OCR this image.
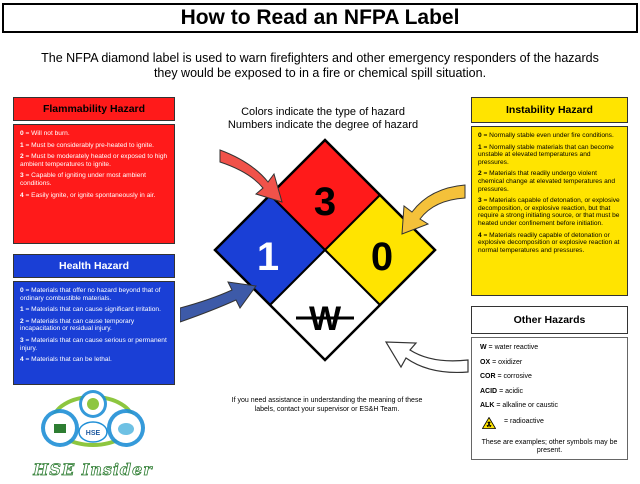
How to Read an NFPA Label
The NFPA diamond label is used to warn firefighters and other emergency responders of the hazards they would be exposed to in a fire or chemical spill situation.
Colors indicate the type of hazard
Numbers indicate the degree of hazard
Flammability Hazard
0 = Will not burn.
1 = Must be considerably pre-heated to ignite.
2 = Must be moderately heated or exposed to high ambient temperatures to ignite.
3 = Capable of igniting under most ambient conditions.
4 = Easily ignite, or ignite spontaneously in air.
Health Hazard
0 = Materials that offer no hazard beyond that of ordinary combustible materials.
1 = Materials that can cause significant irritation.
2 = Materials that can cause temporary incapacitation or residual injury.
3 = Materials that can cause serious or permanent injury.
4 = Materials that can be lethal.
Instability Hazard
0 = Normally stable even under fire conditions.
1 = Normally stable materials that can become unstable at elevated temperatures and pressures.
2 = Materials that readily undergo violent chemical change at elevated temperatures and pressures.
3 = Materials capable of detonation, or explosive decomposition, or explosive reaction, but that require a strong initiating source, or that must be heated under confinement before initiation.
4 = Materials readily capable of detonation or explosive decomposition or explosive reaction at normal temperatures and pressures.
Other Hazards
W = water reactive
OX = oxidizer
COR = corrosive
ACID = acidic
ALK = alkaline or caustic
= radioactive
These are examples; other symbols may be present.
3
1 0
W
If you need assistance in understanding the meaning of these labels, contact your supervisor or ES&H Team.
HSE
HSE Insider
